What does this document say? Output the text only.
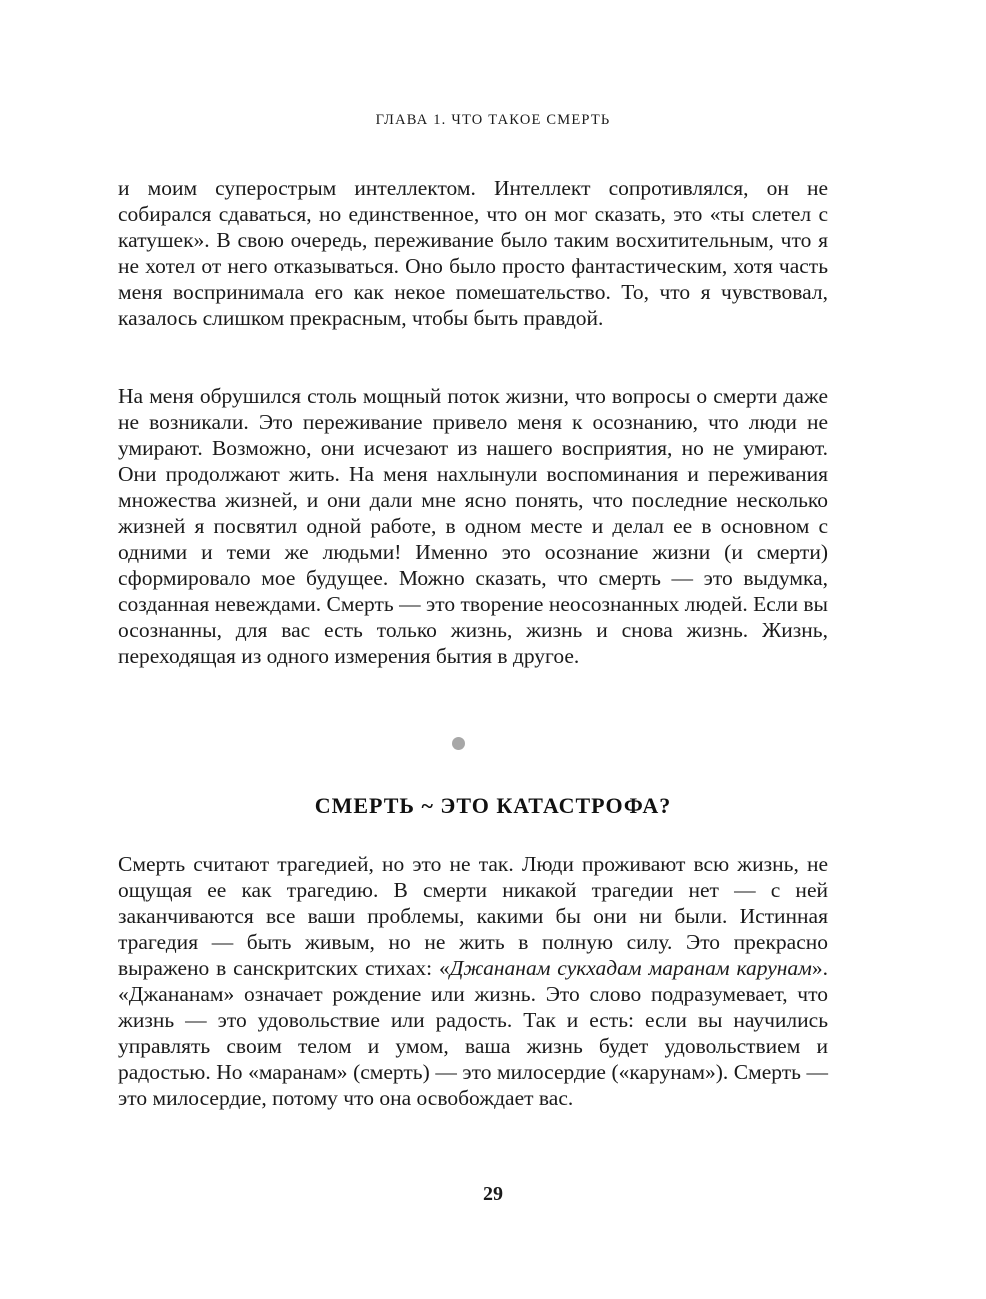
ГЛАВА 1. ЧТО ТАКОЕ СМЕРТЬ

и моим суперострым интеллектом. Интеллект сопротивлялся, он не собирался сдаваться, но единственное, что он мог сказать, это «ты слетел с катушек». В свою очередь, переживание было таким восхитительным, что я не хотел от него отказываться. Оно было просто фантастическим, хотя часть меня воспринимала его как некое помешательство. То, что я чувствовал, казалось слишком прекрасным, чтобы быть правдой.

На меня обрушился столь мощный поток жизни, что вопросы о смерти даже не возникали. Это переживание привело меня к осознанию, что люди не умирают. Возможно, они исчезают из нашего восприятия, но не умирают. Они продолжают жить. На меня нахлынули воспоминания и переживания множества жизней, и они дали мне ясно понять, что последние несколько жизней я посвятил одной работе, в одном месте и делал ее в основном с одними и теми же людьми! Именно это осознание жизни (и смерти) сформировало мое будущее. Можно сказать, что смерть — это выдумка, созданная невеждами. Смерть — это творение неосознанных людей. Если вы осознанны, для вас есть только жизнь, жизнь и снова жизнь. Жизнь, переходящая из одного измерения бытия в другое.

СМЕРТЬ ~ ЭТО КАТАСТРОФА?

Смерть считают трагедией, но это не так. Люди проживают всю жизнь, не ощущая ее как трагедию. В смерти никакой трагедии нет — с ней заканчиваются все ваши проблемы, какими бы они ни были. Истинная трагедия — быть живым, но не жить в полную силу. Это прекрасно выражено в санскритских стихах: «Джананам сукхадам маранам карунам». «Джананам» означает рождение или жизнь. Это слово подразумевает, что жизнь — это удовольствие или радость. Так и есть: если вы научились управлять своим телом и умом, ваша жизнь будет удовольствием и радостью. Но «маранам» (смерть) — это милосердие («карунам»). Смерть — это милосердие, потому что она освобождает вас.

29
